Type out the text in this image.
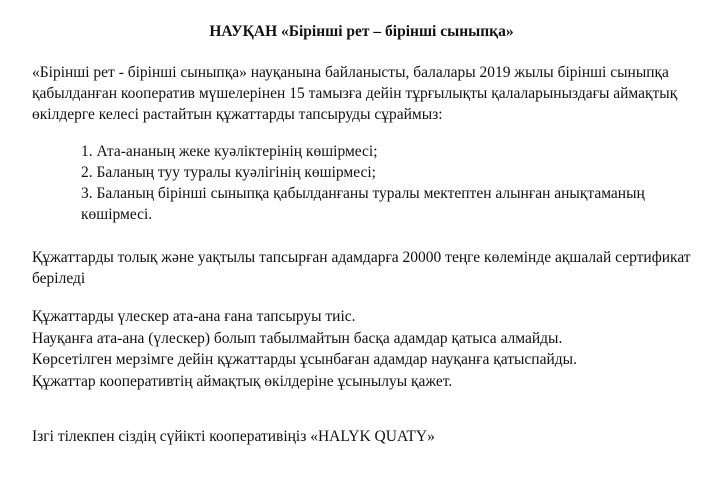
НАУҚАН «Бірінші рет – бірінші сыныпқа»
«Бірінші рет - бірінші сыныпқа» науқанына байланысты, балалары 2019 жылы бірінші сыныпқа
қабылданған кооператив мүшелерінен 15 тамызға дейін тұрғылықты қалаларыныздағы аймақтық
өкілдерге келесі растайтын құжаттарды тапсыруды сұраймыз:
1. Ата-ананың жеке куәліктерінің көшірмесі;
2. Баланың туу туралы куәлігінің көшірмесі;
3. Баланың бірінші сыныпқа қабылданғаны туралы мектептен алынған анықтаманың
көшірмесі.
Құжаттарды толық және уақтылы тапсырған адамдарға 20000 теңге көлемінде ақшалай сертификат
беріледі
Құжаттарды үлескер ата-ана ғана тапсыруы тиіс.
Науқанға ата-ана (үлескер) болып табылмайтын басқа адамдар қатыса алмайды.
Көрсетілген мерзімге дейін құжаттарды ұсынбаған адамдар науқанға қатыспайды.
Құжаттар кооперативтің аймақтық өкілдеріне ұсынылуы қажет.
Ізгі тілекпен сіздің сүйікті кооперативіңіз «HALYK QUATY»
